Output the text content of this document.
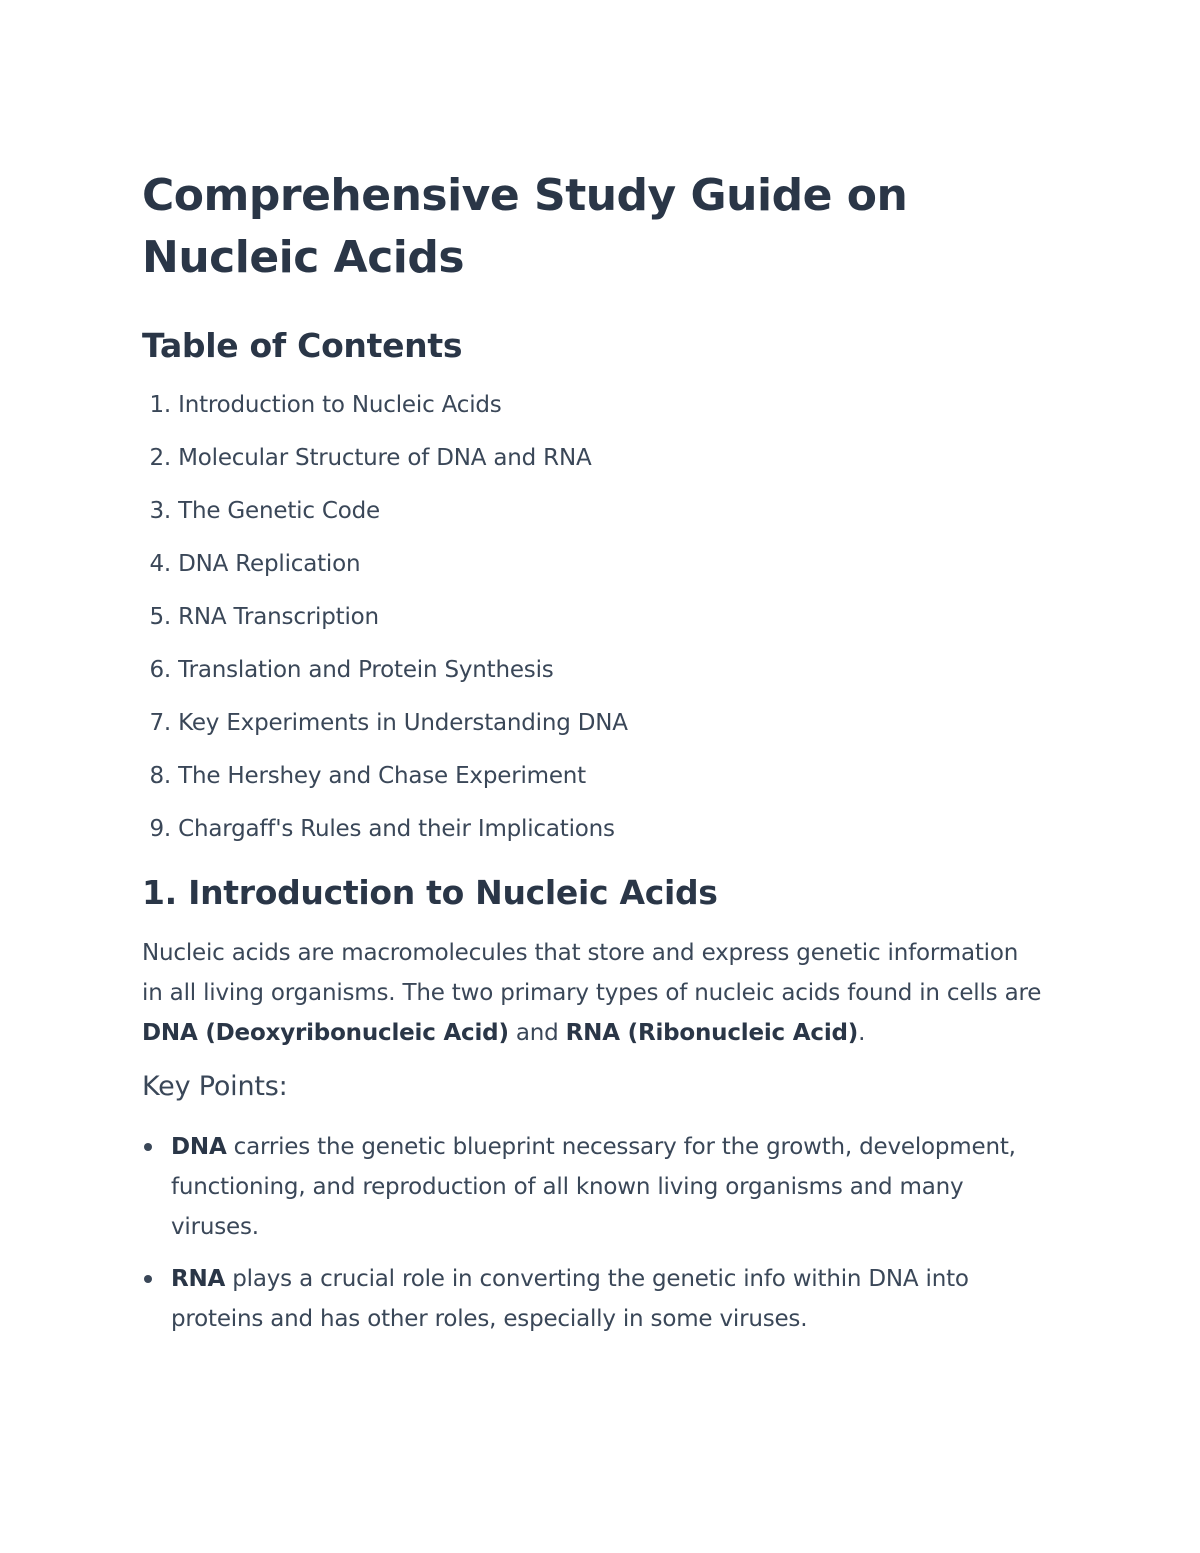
Comprehensive Study Guide on Nucleic Acids
Table of Contents
1. Introduction to Nucleic Acids
2. Molecular Structure of DNA and RNA
3. The Genetic Code
4. DNA Replication
5. RNA Transcription
6. Translation and Protein Synthesis
7. Key Experiments in Understanding DNA
8. The Hershey and Chase Experiment
9. Chargaff's Rules and their Implications
1. Introduction to Nucleic Acids

Nucleic acids are macromolecules that store and express genetic information in all living organisms. The two primary types of nucleic acids found in cells are DNA (Deoxyribonucleic Acid) and RNA (Ribonucleic Acid).

Key Points:
DNA carries the genetic blueprint necessary for the growth, development, functioning, and reproduction of all known living organisms and many viruses.
RNA plays a crucial role in converting the genetic info within DNA into proteins and has other roles, especially in some viruses.
